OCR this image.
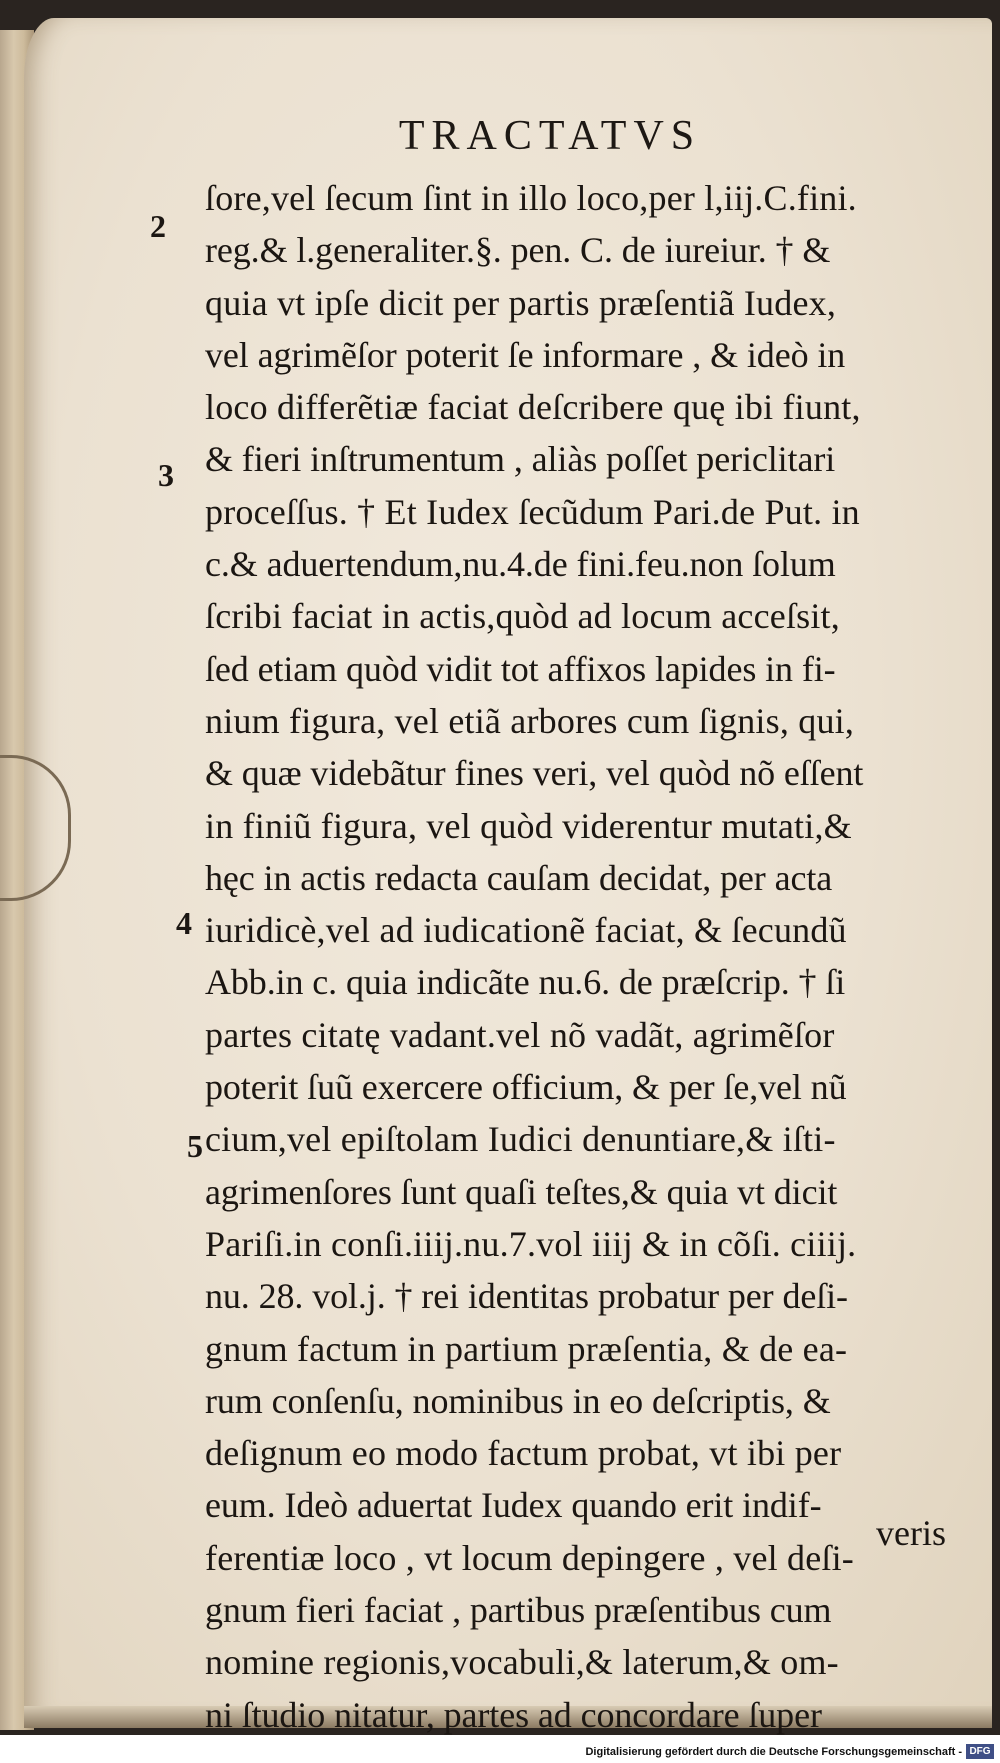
TRACTATVS
ſore,vel ſecum ſint in illo loco,per l,iij.C.fini.
reg.& l.generaliter.§. pen. C. de iureiur. † &
quia vt ipſe dicit per partis præſentiã Iudex,
vel agrimẽſor poterit ſe informare , & ideò in
loco differẽtiæ faciat deſcribere quę ibi fiunt,
& fieri inſtrumentum , aliàs poſſet periclitari
proceſſus. † Et Iudex ſecũdum Pari.de Put. in
c.& aduertendum,nu.4.de fini.feu.non ſolum
ſcribi faciat in actis,quòd ad locum acceſsit,
ſed etiam quòd vidit tot affixos lapides in fi-
nium figura, vel etiã arbores cum ſignis, qui,
& quæ videbãtur fines veri, vel quòd nõ eſſent
in finiũ figura, vel quòd viderentur mutati,&
hęc in actis redacta cauſam decidat, per acta
iuridicè,vel ad iudicationẽ faciat, & ſecundũ
Abb.in c. quia indicãte nu.6. de præſcrip. † ſi
partes citatę vadant.vel nõ vadãt, agrimẽſor
poterit ſuũ exercere officium, & per ſe,vel nũ
cium,vel epiſtolam Iudici denuntiare,& iſti-
agrimenſores ſunt quaſi teſtes,& quia vt dicit
Pariſi.in conſi.iiij.nu.7.vol iiij & in cõſi. ciiij.
nu. 28. vol.j. † rei identitas probatur per deſi-
gnum factum in partium præſentia, & de ea-
rum conſenſu, nominibus in eo deſcriptis, &
deſignum eo modo factum probat, vt ibi per
eum. Ideò aduertat Iudex quando erit indif-
ferentiæ loco , vt locum depingere , vel deſi-
gnum fieri faciat , partibus præſentibus cum
nomine regionis,vocabuli,& laterum,& om-
ni ſtudio nitatur, partes ad concordare ſuper
2
3
4
5
veris
Digitalisierung gefördert durch die Deutsche Forschungsgemeinschaft - DFG
